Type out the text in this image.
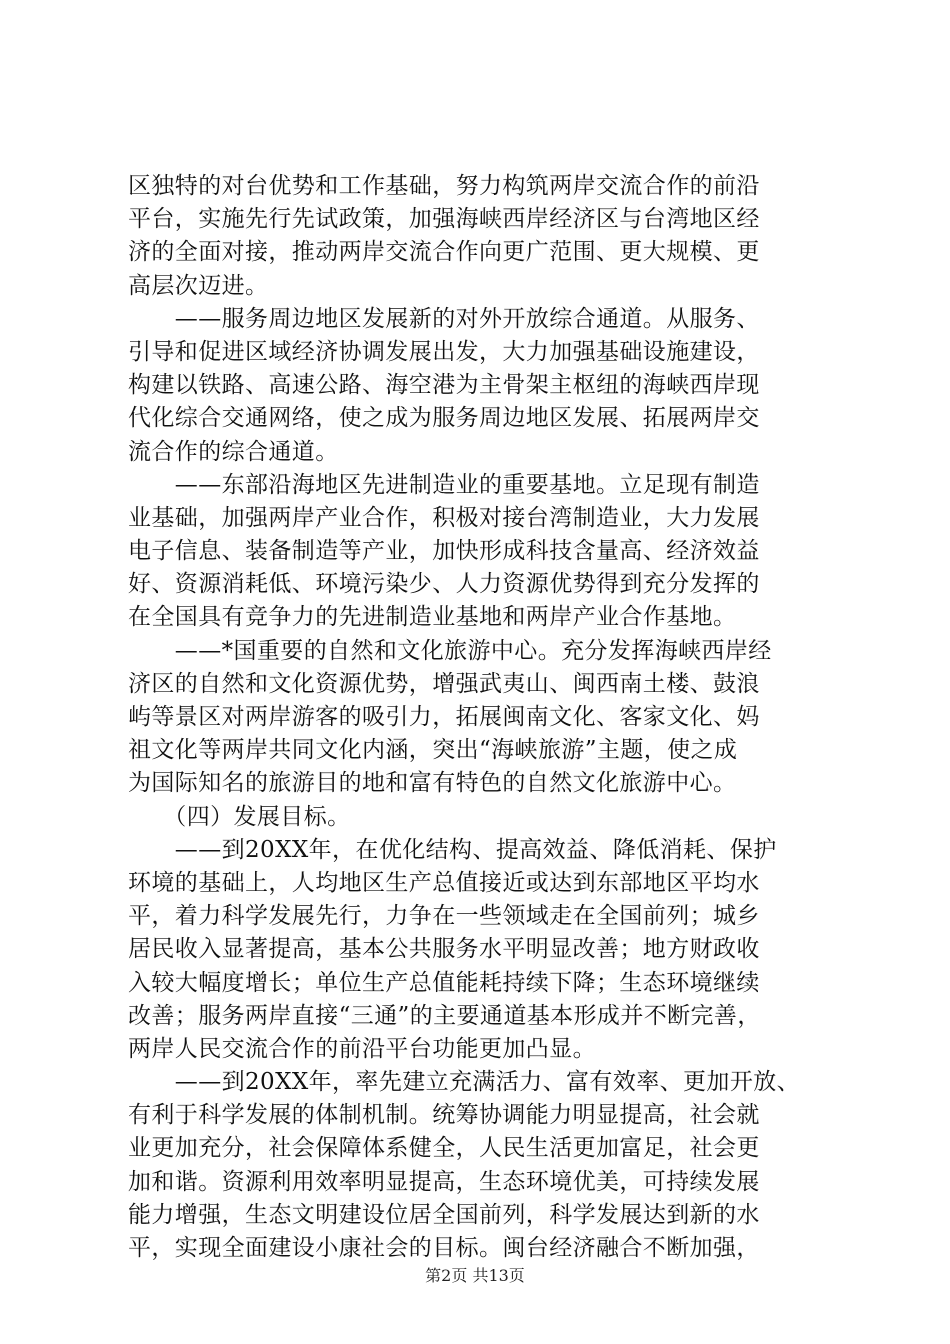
区独特的对台优势和工作基础，努力构筑两岸交流合作的前沿
平台，实施先行先试政策，加强海峡西岸经济区与台湾地区经
济的全面对接，推动两岸交流合作向更广范围、更大规模、更
高层次迈进。
　　——服务周边地区发展新的对外开放综合通道。从服务、
引导和促进区域经济协调发展出发，大力加强基础设施建设，
构建以铁路、高速公路、海空港为主骨架主枢纽的海峡西岸现
代化综合交通网络，使之成为服务周边地区发展、拓展两岸交
流合作的综合通道。
　　——东部沿海地区先进制造业的重要基地。立足现有制造
业基础，加强两岸产业合作，积极对接台湾制造业，大力发展
电子信息、装备制造等产业，加快形成科技含量高、经济效益
好、资源消耗低、环境污染少、人力资源优势得到充分发挥的
在全国具有竞争力的先进制造业基地和两岸产业合作基地。
　　——*国重要的自然和文化旅游中心。充分发挥海峡西岸经
济区的自然和文化资源优势，增强武夷山、闽西南土楼、鼓浪
屿等景区对两岸游客的吸引力，拓展闽南文化、客家文化、妈
祖文化等两岸共同文化内涵，突出“海峡旅游”主题，使之成
为国际知名的旅游目的地和富有特色的自然文化旅游中心。
　　（四）发展目标。
　　——到20XX年，在优化结构、提高效益、降低消耗、保护
环境的基础上，人均地区生产总值接近或达到东部地区平均水
平，着力科学发展先行，力争在一些领域走在全国前列；城乡
居民收入显著提高，基本公共服务水平明显改善；地方财政收
入较大幅度增长；单位生产总值能耗持续下降；生态环境继续
改善；服务两岸直接“三通”的主要通道基本形成并不断完善，
两岸人民交流合作的前沿平台功能更加凸显。
　　——到20XX年，率先建立充满活力、富有效率、更加开放、
有利于科学发展的体制机制。统筹协调能力明显提高，社会就
业更加充分，社会保障体系健全，人民生活更加富足，社会更
加和谐。资源利用效率明显提高，生态环境优美，可持续发展
能力增强，生态文明建设位居全国前列，科学发展达到新的水
平，实现全面建设小康社会的目标。闽台经济融合不断加强，
第2页 共13页
